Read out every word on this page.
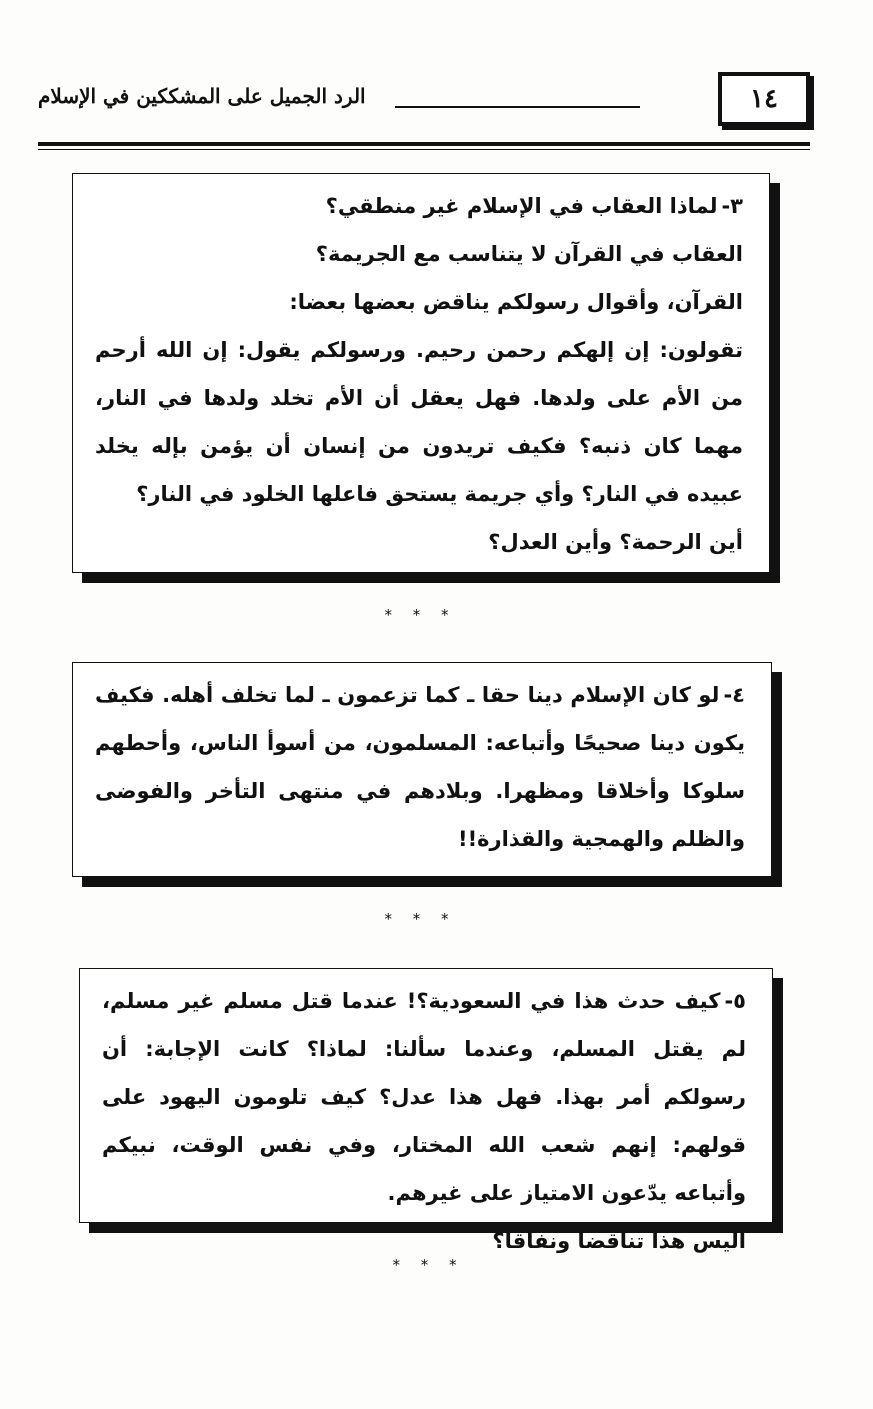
١٤
الرد الجميل على المشككين في الإسلام

٣-لماذا العقاب في الإسلام غير منطقي؟

العقاب في القرآن لا يتناسب مع الجريمة؟

القرآن، وأقوال رسولكم يناقض بعضها بعضا:

تقولون: إن إلهكم رحمن رحيم. ورسولكم يقول: إن الله أرحم من الأم على ولدها. فهل يعقل أن الأم تخلد ولدها في النار، مهما كان ذنبه؟ فكيف تريدون من إنسان أن يؤمن بإله يخلد عبيده في النار؟ وأي جريمة يستحق فاعلها الخلود في النار؟

أين الرحمة؟ وأين العدل؟

* * *

٤-لو كان الإسلام دينا حقا ـ كما تزعمون ـ لما تخلف أهله. فكيف يكون دينا صحيحًا وأتباعه: المسلمون، من أسوأ الناس، وأحطهم سلوكا وأخلاقا ومظهرا. وبلادهم في منتهى التأخر والفوضى والظلم والهمجية والقذارة!!

* * *

٥-كيف حدث هذا في السعودية؟! عندما قتل مسلم غير مسلم، لم يقتل المسلم، وعندما سألنا: لماذا؟ كانت الإجابة: أن رسولكم أمر بهذا. فهل هذا عدل؟ كيف تلومون اليهود على قولهم: إنهم شعب الله المختار، وفي نفس الوقت، نبيكم وأتباعه يدّعون الامتياز على غيرهم.

أليس هذا تناقضا ونفاقا؟

* * *
